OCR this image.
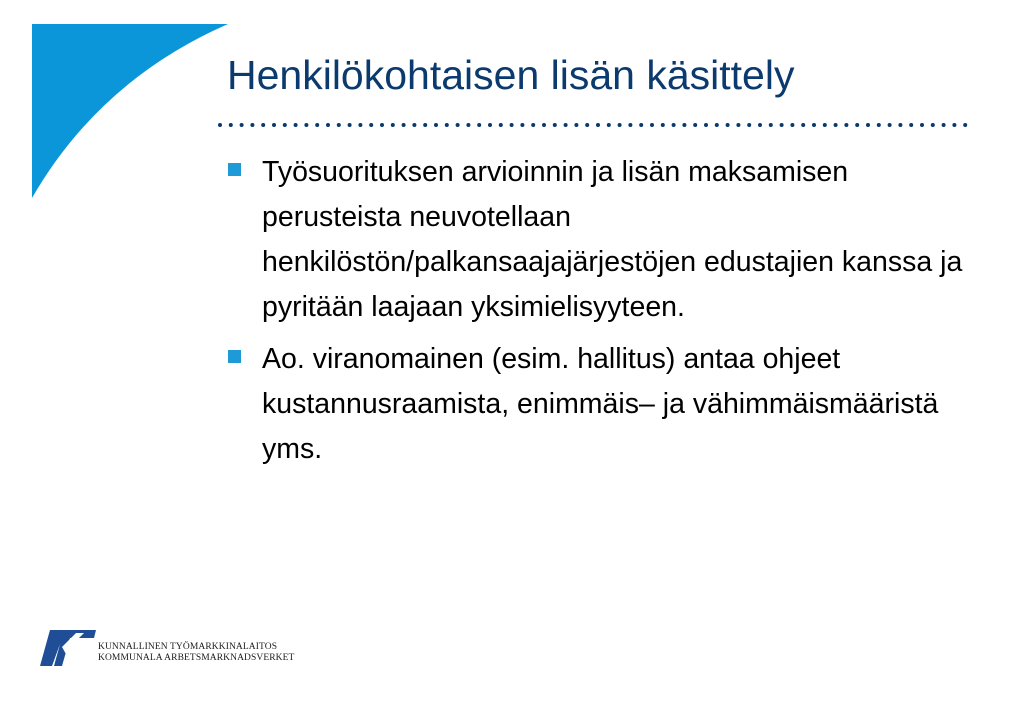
Henkilökohtaisen lisän käsittely
Työsuorituksen arvioinnin ja lisän maksamisen perusteista neuvotellaan henkilöstön/palkansaajajärjestöjen edustajien kanssa ja pyritään laajaan yksimielisyyteen.
Ao. viranomainen (esim. hallitus) antaa ohjeet kustannusraamista, enimmäis– ja vähimmäismääristä yms.
KUNNALLINEN TYÖMARKKINALAITOS
KOMMUNALA ARBETSMARKNADSVERKET
